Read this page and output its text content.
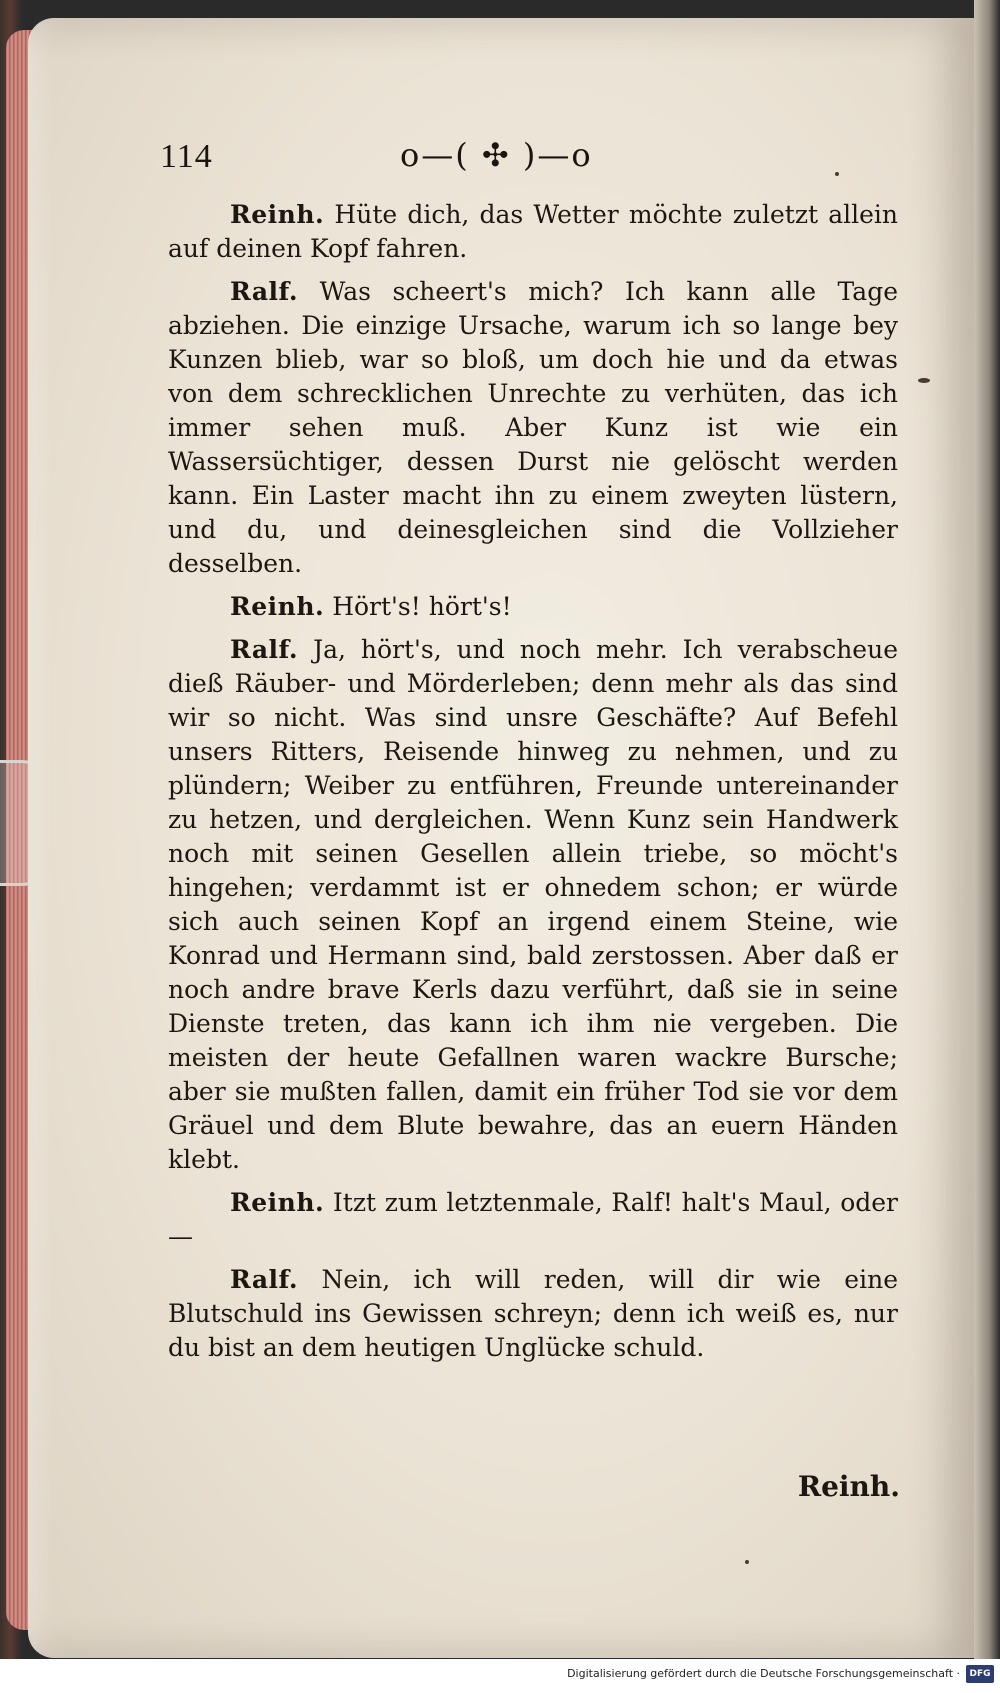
114	o—( ✣ )—o

Reinh. Hüte dich, das Wetter möchte zuletzt allein auf deinen Kopf fahren.

Ralf. Was scheert's mich? Ich kann alle Tage abziehen. Die einzige Ursache, warum ich so lange bey Kunzen blieb, war so bloß, um doch hie und da etwas von dem schrecklichen Unrechte zu verhüten, das ich immer sehen muß. Aber Kunz ist wie ein Wassersüchtiger, dessen Durst nie gelöscht werden kann. Ein Laster macht ihn zu einem zweyten lüstern, und du, und deinesgleichen sind die Vollzieher desselben.

Reinh. Hört's! hört's!

Ralf. Ja, hört's, und noch mehr. Ich verabscheue dieß Räuber- und Mörderleben; denn mehr als das sind wir so nicht. Was sind unsre Geschäfte? Auf Befehl unsers Ritters, Reisende hinweg zu nehmen, und zu plündern; Weiber zu entführen, Freunde untereinander zu hetzen, und dergleichen. Wenn Kunz sein Handwerk noch mit seinen Gesellen allein triebe, so möcht's hingehen; verdammt ist er ohnedem schon; er würde sich auch seinen Kopf an irgend einem Steine, wie Konrad und Hermann sind, bald zerstossen. Aber daß er noch andre brave Kerls dazu verführt, daß sie in seine Dienste treten, das kann ich ihm nie vergeben. Die meisten der heute Gefallnen waren wackre Bursche; aber sie mußten fallen, damit ein früher Tod sie vor dem Gräuel und dem Blute bewahre, das an euern Händen klebt.

Reinh. Itzt zum letztenmale, Ralf! halt's Maul, oder —

Ralf. Nein, ich will reden, will dir wie eine Blutschuld ins Gewissen schreyn; denn ich weiß es, nur du bist an dem heutigen Unglücke schuld.

Reinh.
Digitalisierung gefördert durch die Deutsche Forschungsgemeinschaft ·	DFG
